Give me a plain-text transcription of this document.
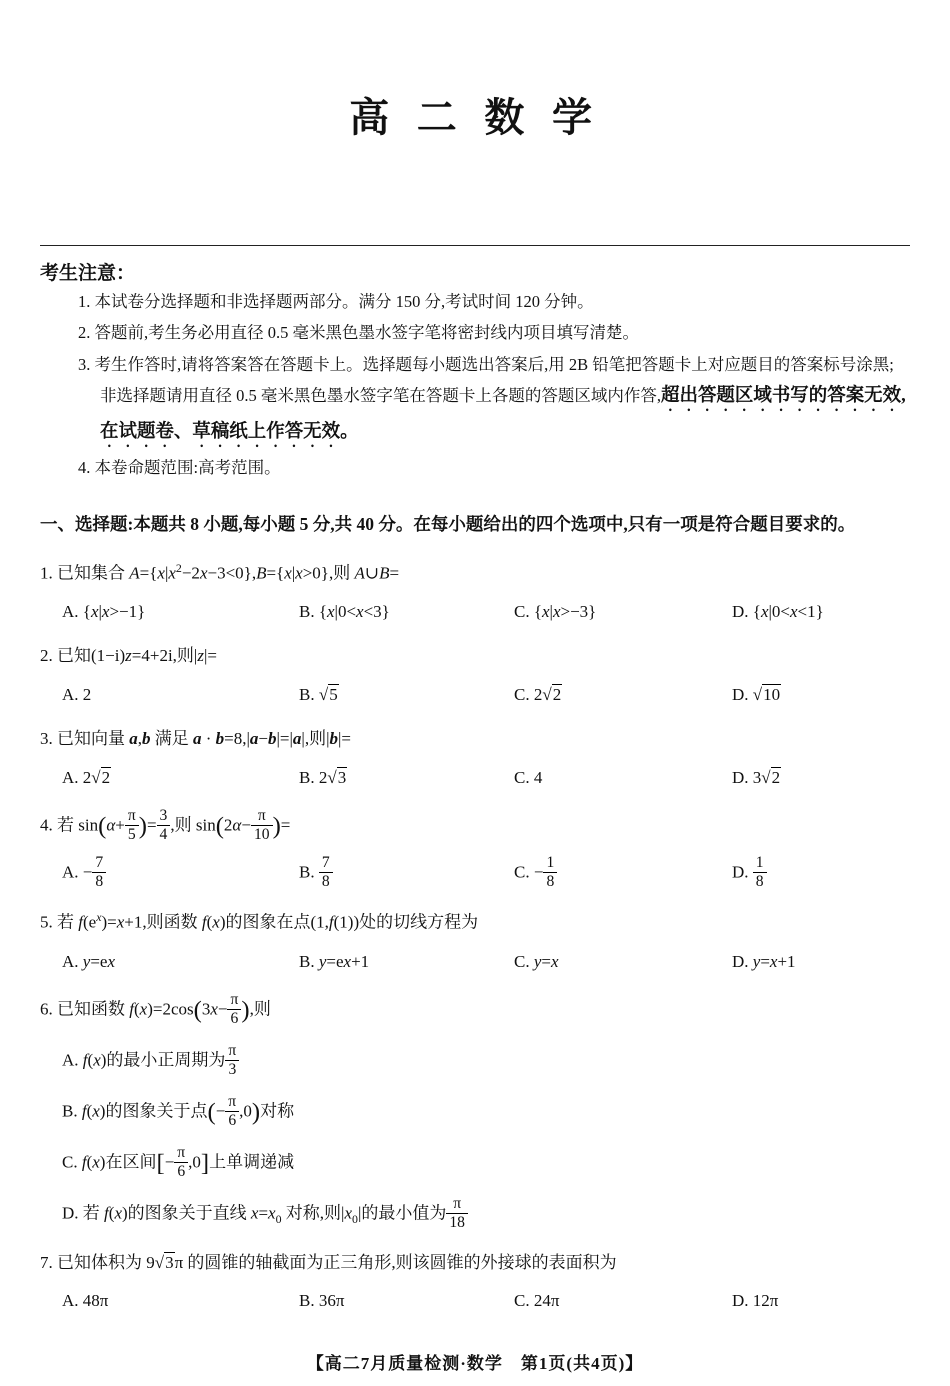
高 二 数 学
考生注意：
1. 本试卷分选择题和非选择题两部分。满分 150 分,考试时间 120 分钟。
2. 答题前,考生务必用直径 0.5 毫米黑色墨水签字笔将密封线内项目填写清楚。
3. 考生作答时,请将答案答在答题卡上。选择题每小题选出答案后,用 2B 铅笔把答题卡上对应题目的答案标号涂黑;非选择题请用直径 0.5 毫米黑色墨水签字笔在答题卡上各题的答题区域内作答,超出答题区域书写的答案无效,在试题卷、草稿纸上作答无效。
4. 本卷命题范围:高考范围。
一、选择题:本题共 8 小题,每小题 5 分,共 40 分。在每小题给出的四个选项中,只有一项是符合题目要求的。
1. 已知集合 $A=\{x|x^2-2x-3<0\},B=\{x|x>0\}$,则 A∪B=
A. {x|x>−1}	B. {x|0<x<3}	C. {x|x>−3}	D. {x|0<x<1}
2. 已知(1−i)z=4+2i,则|z|=
A. 2	B. √5	C. 2√2	D. √10
3. 已知向量 a,b 满足 a · b=8,|a−b|=|a|,则|b|=
A. 2√2	B. 2√3	C. 4	D. 3√2
4. 若 $\sin(\alpha+ \frac{\pi}{5}$ )= $\frac{3}{4}$ ,则 $\sin(2\alpha- \frac{\pi}{10}$ )=
A. − $\frac{7}{8}$	B. $\frac{7}{8}$	C. − $\frac{1}{8}$	D. $\frac{1}{8}$
5. 若 $f(e^x)=x+1$,则函数 f(x)的图象在点(1,f(1))处的切线方程为
A. y=ex	B. y=ex+1	C. y=x	D. y=x+1
6. 已知函数 $f(x)=2\cos(3x- \frac{\pi}{6}$ ),则
A. f(x)的最小正周期为 $\frac{\pi}{3}$
B. f(x)的图象关于点(− $\frac{\pi}{6} ,0$)对称
C. f(x)在区间[− $\frac{\pi}{6} ,0$]上单调递减
D. 若 f(x)的图象关于直线 $x=x_0$ 对称,则$|x_0|$的最小值为 $\frac{\pi}{18}$
7. 已知体积为 9√3π 的圆锥的轴截面为正三角形,则该圆锥的外接球的表面积为
A. 48π	B. 36π	C. 24π	D. 12π
【高二7月质量检测·数学　第1页(共4页)】
